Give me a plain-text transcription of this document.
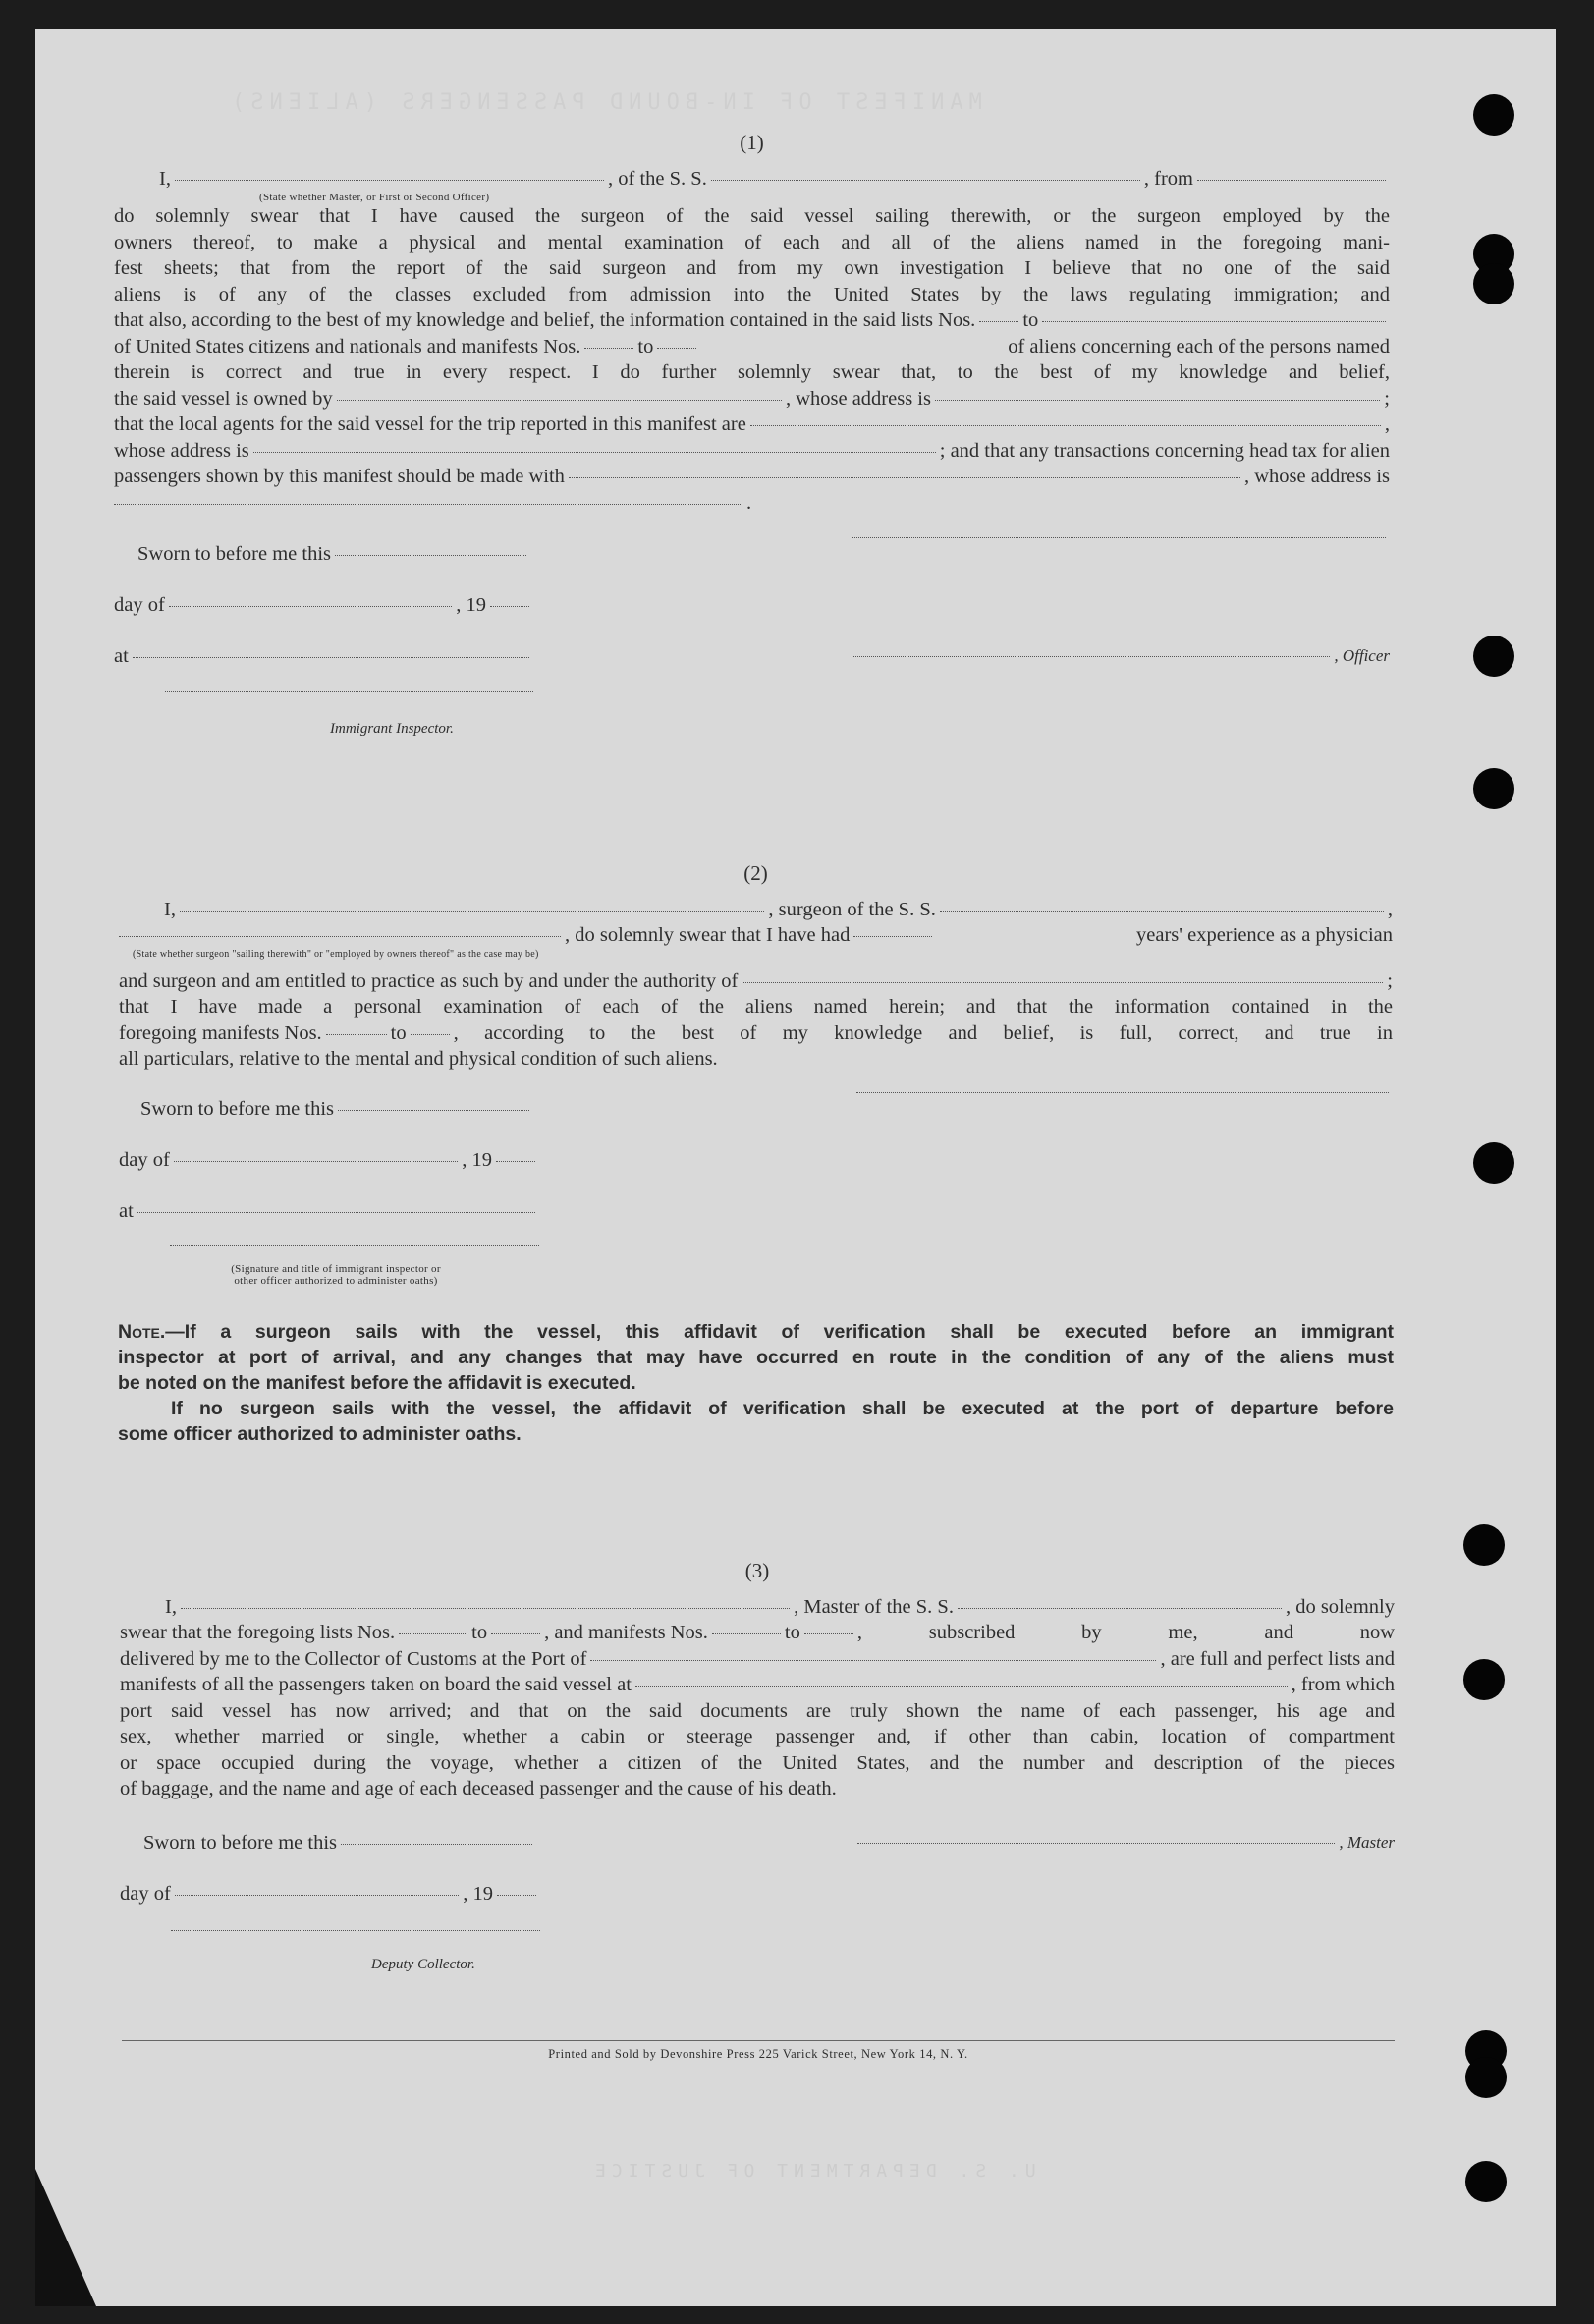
MANIFEST OF IN-BOUND PASSENGERS (ALIENS)
U. S. DEPARTMENT OF JUSTICE
(1)
I,	, of the S. S.	, from
(State whether Master, or First or Second Officer)
do solemnly swear that I have caused the surgeon of the said vessel sailing therewith, or the surgeon employed by the
owners thereof, to make a physical and mental examination of each and all of the aliens named in the foregoing mani-
fest sheets; that from the report of the said surgeon and from my own investigation I believe that no one of the said
aliens is of any of the classes excluded from admission into the United States by the laws regulating immigration; and
that also, according to the best of my knowledge and belief, the information contained in the said lists Nos. to
of United States citizens and nationals and manifests Nos.	to	of aliens concerning each of the persons named
therein is correct and true in every respect. I do further solemnly swear that, to the best of my knowledge and belief,
the said vessel is owned by	, whose address is	;
that the local agents for the said vessel for the trip reported in this manifest are	,
whose address is	; and that any transactions concerning head tax for alien
passengers shown by this manifest should be made with	, whose address is
.
Sworn to before me this
day of	, 19
at	, Officer
Immigrant Inspector.
(2)
I,	, surgeon of the S. S.	,
, do solemnly swear that I have had	years' experience as a physician
(State whether surgeon "sailing therewith" or "employed by owners thereof" as the case may be)
and surgeon and am entitled to practice as such by and under the authority of	;
that I have made a personal examination of each of the aliens named herein; and that the information contained in the
foregoing manifests Nos.	to , according to the best of my knowledge and belief, is full, correct, and true in
all particulars, relative to the mental and physical condition of such aliens.
Sworn to before me this
day of	, 19
at
(Signature and title of immigrant inspector or
other officer authorized to administer oaths)

Note.—If a surgeon sails with the vessel, this affidavit of verification shall be executed before an immigrant

inspector at port of arrival, and any changes that may have occurred en route in the condition of any of the aliens must

be noted on the manifest before the affidavit is executed.

If no surgeon sails with the vessel, the affidavit of verification shall be executed at the port of departure before

some officer authorized to administer oaths.

(3)
I,	, Master of the S. S.	, do solemnly
swear that the foregoing lists Nos.	to	, and manifests Nos.	to	, subscribed by me, and now
delivered by me to the Collector of Customs at the Port of	, are full and perfect lists and
manifests of all the passengers taken on board the said vessel at	, from which
port said vessel has now arrived; and that on the said documents are truly shown the name of each passenger, his age and
sex, whether married or single, whether a cabin or steerage passenger and, if other than cabin, location of compartment
or space occupied during the voyage, whether a citizen of the United States, and the number and description of the pieces
of baggage, and the name and age of each deceased passenger and the cause of his death.
Sworn to before me this	, Master
day of	, 19
Deputy Collector.
Printed and Sold by Devonshire Press 225 Varick Street, New York 14, N. Y.
